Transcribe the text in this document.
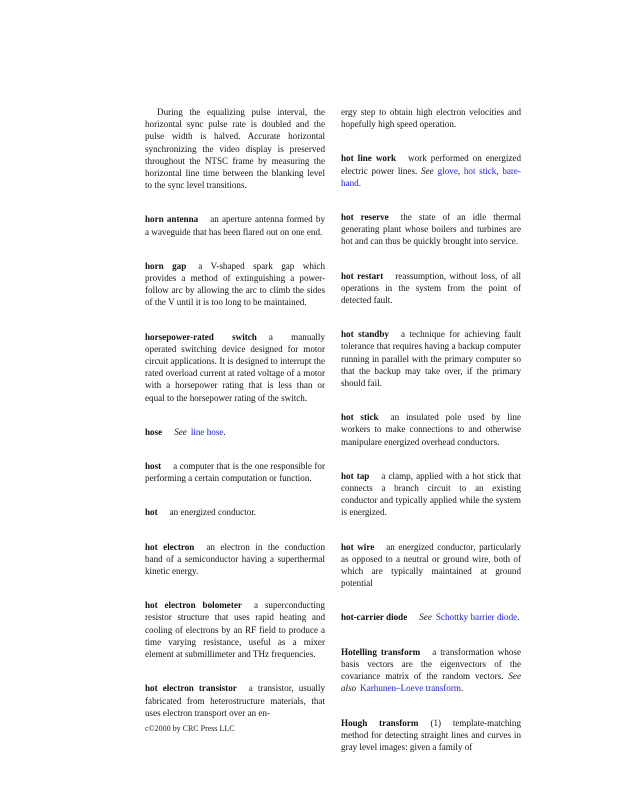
During the equalizing pulse interval, the horizontal sync pulse rate is doubled and the pulse width is halved. Accurate horizontal synchronizing the video display is preserved throughout the NTSC frame by measuring the horizontal line time between the blanking level to the sync level transitions.

horn antenna an aperture antenna formed by a waveguide that has been flared out on one end.

horn gap a V-shaped spark gap which provides a method of extinguishing a power-follow arc by allowing the arc to climb the sides of the V until it is too long to be maintained.

horsepower-rated switch a manually operated switching device designed for motor circuit applications. It is designed to interrupt the rated overload current at rated voltage of a motor with a horsepower rating that is less than or equal to the horsepower rating of the switch.

hose See line hose.

host a computer that is the one responsible for performing a certain computation or function.

hot an energized conductor.

hot electron an electron in the conduction band of a semiconductor having a superthermal kinetic energy.

hot electron bolometer a superconducting resistor structure that uses rapid heating and cooling of electrons by an RF field to produce a time varying resistance, useful as a mixer element at submillimeter and THz frequencies.

hot electron transistor a transistor, usually fabricated from heterostructure materials, that uses electron transport over an en-

ergy step to obtain high electron velocities and hopefully high speed operation.

hot line work work performed on energized electric power lines. See glove, hot stick, bare-hand.

hot reserve the state of an idle thermal generating plant whose boilers and turbines are hot and can thus be quickly brought into service.

hot restart reassumption, without loss, of all operations in the system from the point of detected fault.

hot standby a technique for achieving fault tolerance that requires having a backup computer running in parallel with the primary computer so that the backup may take over, if the primary should fail.

hot stick an insulated pole used by line workers to make connections to and otherwise manipulare energized overhead conductors.

hot tap a clamp, applied with a hot stick that connects a branch circuit to an existing conductor and typically applied while the system is energized.

hot wire an energized conductor, particularly as opposed to a neutral or ground wire, both of which are typically maintained at ground potential

hot-carrier diode See Schottky barrier diode.

Hotelling transform a transformation whose basis vectors are the eigenvectors of the covariance matrix of the random vectors. See also Karhunen–Loeve transform.

Hough transform (1) template-matching method for detecting straight lines and curves in gray level images: given a family of

c©2000 by CRC Press LLC
